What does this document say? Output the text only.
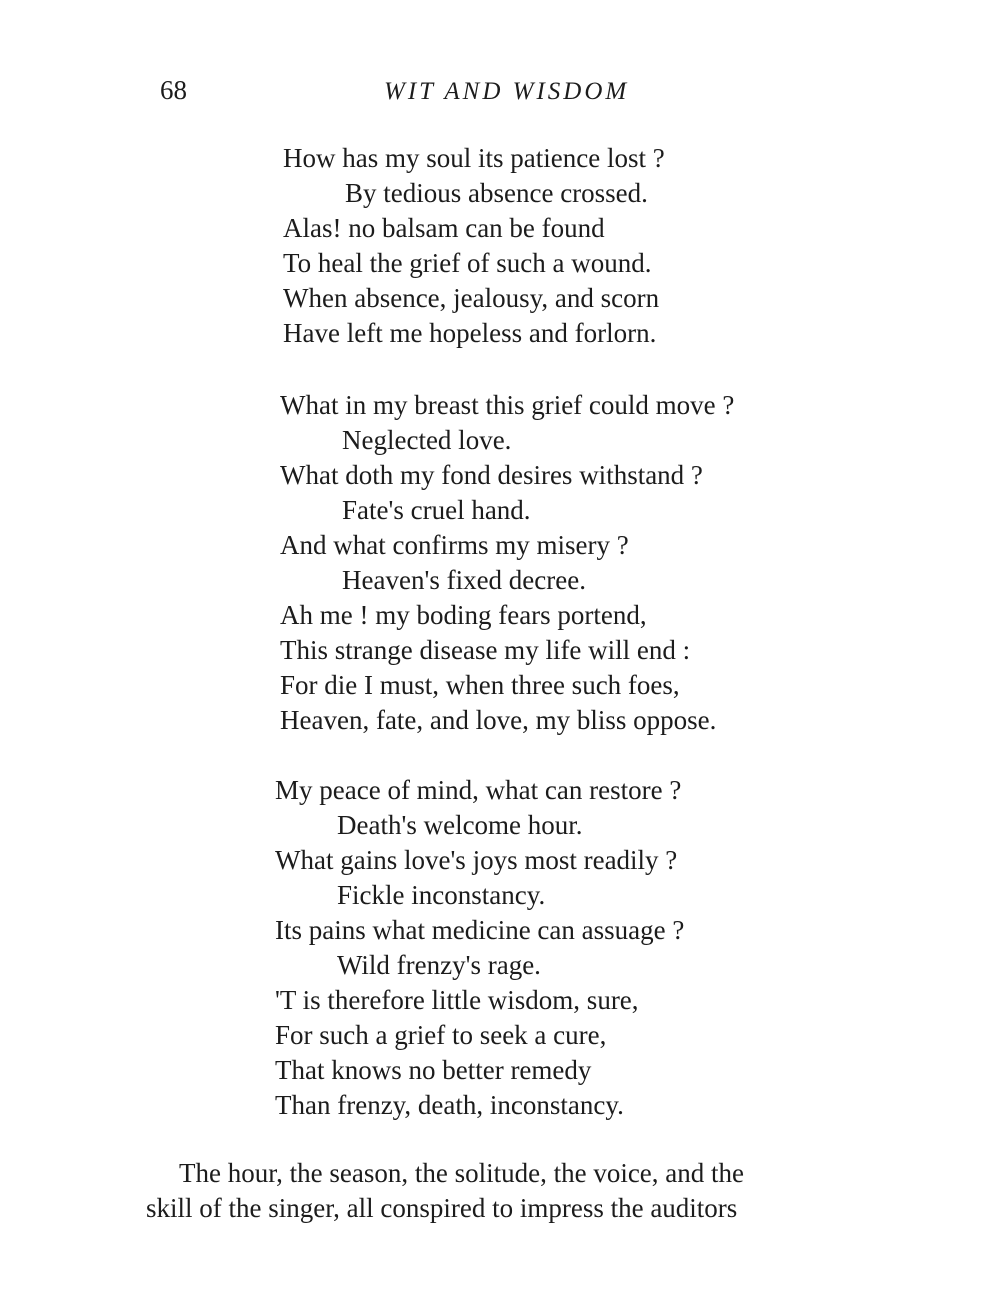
68	WIT AND WISDOM
How has my soul its patience lost ?
By tedious absence crossed.
Alas! no balsam can be found
To heal the grief of such a wound.
When absence, jealousy, and scorn
Have left me hopeless and forlorn.
What in my breast this grief could move ?
Neglected love.
What doth my fond desires withstand ?
Fate's cruel hand.
And what confirms my misery ?
Heaven's fixed decree.
Ah me ! my boding fears portend,
This strange disease my life will end :
For die I must, when three such foes,
Heaven, fate, and love, my bliss oppose.
My peace of mind, what can restore ?
Death's welcome hour.
What gains love's joys most readily ?
Fickle inconstancy.
Its pains what medicine can assuage ?
Wild frenzy's rage.
'T is therefore little wisdom, sure,
For such a grief to seek a cure,
That knows no better remedy
Than frenzy, death, inconstancy.

The hour, the season, the solitude, the voice, and the
skill of the singer, all conspired to impress the auditors
